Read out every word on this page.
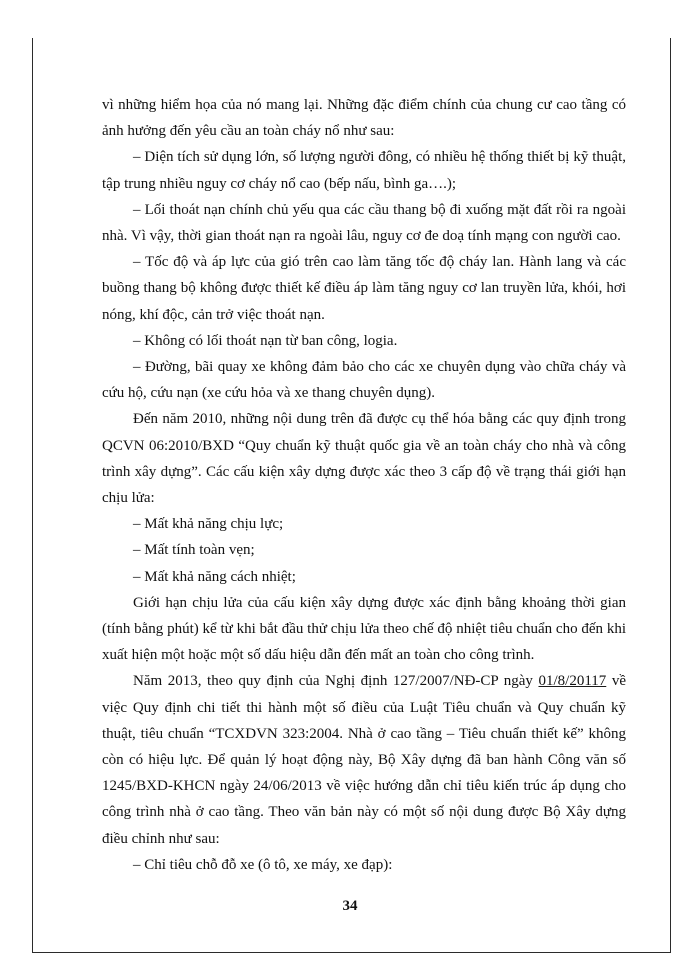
vì những hiểm họa của nó mang lại. Những đặc điểm chính của chung cư cao tầng có ảnh hưởng đến yêu cầu an toàn cháy nổ như sau:

– Diện tích sử dụng lớn, số lượng người đông, có nhiều hệ thống thiết bị kỹ thuật, tập trung nhiều nguy cơ cháy nổ cao (bếp nấu, bình ga….);

– Lối thoát nạn chính chủ yếu qua các cầu thang bộ đi xuống mặt đất rồi ra ngoài nhà. Vì vậy, thời gian thoát nạn ra ngoài lâu, nguy cơ đe doạ tính mạng con người cao.

– Tốc độ và áp lực của gió trên cao làm tăng tốc độ cháy lan. Hành lang và các buồng thang bộ không được thiết kế điều áp làm tăng nguy cơ lan truyền lửa, khói, hơi nóng, khí độc, cản trở việc thoát nạn.

– Không có lối thoát nạn từ ban công, logia.

– Đường, bãi quay xe không đảm bảo cho các xe chuyên dụng vào chữa cháy và cứu hộ, cứu nạn (xe cứu hỏa và xe thang chuyên dụng).

Đến năm 2010, những nội dung trên đã được cụ thể hóa bằng các quy định trong QCVN 06:2010/BXD “Quy chuẩn kỹ thuật quốc gia về an toàn cháy cho nhà và công trình xây dựng”. Các cấu kiện xây dựng được xác theo 3 cấp độ về trạng thái giới hạn chịu lửa:

– Mất khả năng chịu lực;

– Mất tính toàn vẹn;

– Mất khả năng cách nhiệt;

Giới hạn chịu lửa của cấu kiện xây dựng được xác định bằng khoảng thời gian (tính bằng phút) kể từ khi bắt đầu thử chịu lửa theo chế độ nhiệt tiêu chuẩn cho đến khi xuất hiện một hoặc một số dấu hiệu dẫn đến mất an toàn cho công trình.

Năm 2013, theo quy định của Nghị định 127/2007/NĐ-CP ngày 01/8/20117 về việc Quy định chi tiết thi hành một số điều của Luật Tiêu chuẩn và Quy chuẩn kỹ thuật, tiêu chuẩn “TCXDVN 323:2004. Nhà ở cao tầng – Tiêu chuẩn thiết kế” không còn có hiệu lực. Để quản lý hoạt động này, Bộ Xây dựng đã ban hành Công văn số 1245/BXD-KHCN ngày 24/06/2013 về việc hướng dẫn chỉ tiêu kiến trúc áp dụng cho công trình nhà ở cao tầng. Theo văn bản này có một số nội dung được Bộ Xây dựng điều chỉnh như sau:

– Chỉ tiêu chỗ đỗ xe (ô tô, xe máy, xe đạp):

34
